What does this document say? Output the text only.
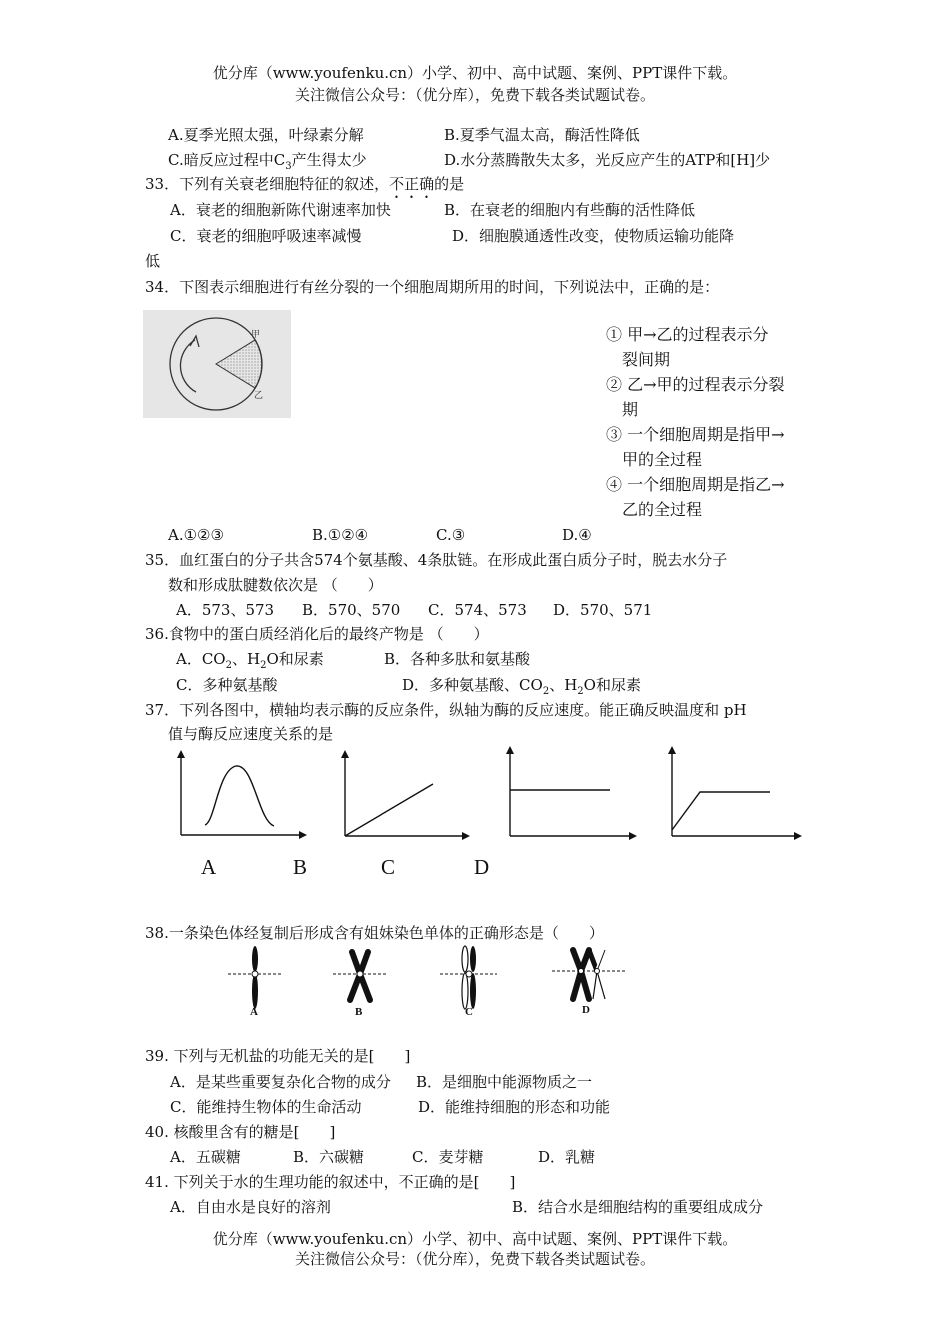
优分库（www.youfenku.cn）小学、初中、高中试题、案例、PPT课件下载。
关注微信公众号：（优分库），免费下载各类试题试卷。
A.夏季光照太强，叶绿素分解	B.夏季气温太高，酶活性降低
C.暗反应过程中$C_3$产生得太少	D.水分蒸腾散失太多，光反应产生的ATP和[H]少
33．下列有关衰老细胞特征的叙述，不正确的是
A．衰老的细胞新陈代谢速率加快	B．在衰老的细胞内有些酶的活性降低
C．衰老的细胞呼吸速率减慢	D．细胞膜通透性改变，使物质运输功能降
低
34．下图表示细胞进行有丝分裂的一个细胞周期所用的时间，下列说法中，正确的是：
甲
乙
① 甲→乙的过程表示分
裂间期
② 乙→甲的过程表示分裂
期
③ 一个细胞周期是指甲→
甲的全过程
④ 一个细胞周期是指乙→
乙的全过程
A.①②③	B.①②④	C.③	D.④
35．血红蛋白的分子共含574个氨基酸、4条肽链。在形成此蛋白质分子时，脱去水分子
数和形成肽腱数依次是 （　　）
A．573、573 B．570、570 C．574、573 D．570、571
36.食物中的蛋白质经消化后的最终产物是 （　　）
A．$CO_2$、$H_2O$和尿素	B．各种多肽和氨基酸
C．多种氨基酸	D．多种氨基酸、$CO_2$、$H_2O$和尿素
37．下列各图中，横轴均表示酶的反应条件，纵轴为酶的反应速度。能正确反映温度和 pH
值与酶反应速度关系的是
A	B	C	D
38.一条染色体经复制后形成含有姐妹染色单体的正确形态是（　　）
A	B	C	D
39. 下列与无机盐的功能无关的是[　　]
A．是某些重要复杂化合物的成分 B．是细胞中能源物质之一
C．能维持生物体的生命活动	D．能维持细胞的形态和功能
40. 核酸里含有的糖是[　　]
A．五碳糖	B．六碳糖	C．麦芽糖	D．乳糖
41. 下列关于水的生理功能的叙述中，不正确的是[　　]
A．自由水是良好的溶剂	B．结合水是细胞结构的重要组成成分
优分库（www.youfenku.cn）小学、初中、高中试题、案例、PPT课件下载。
关注微信公众号：（优分库），免费下载各类试题试卷。
